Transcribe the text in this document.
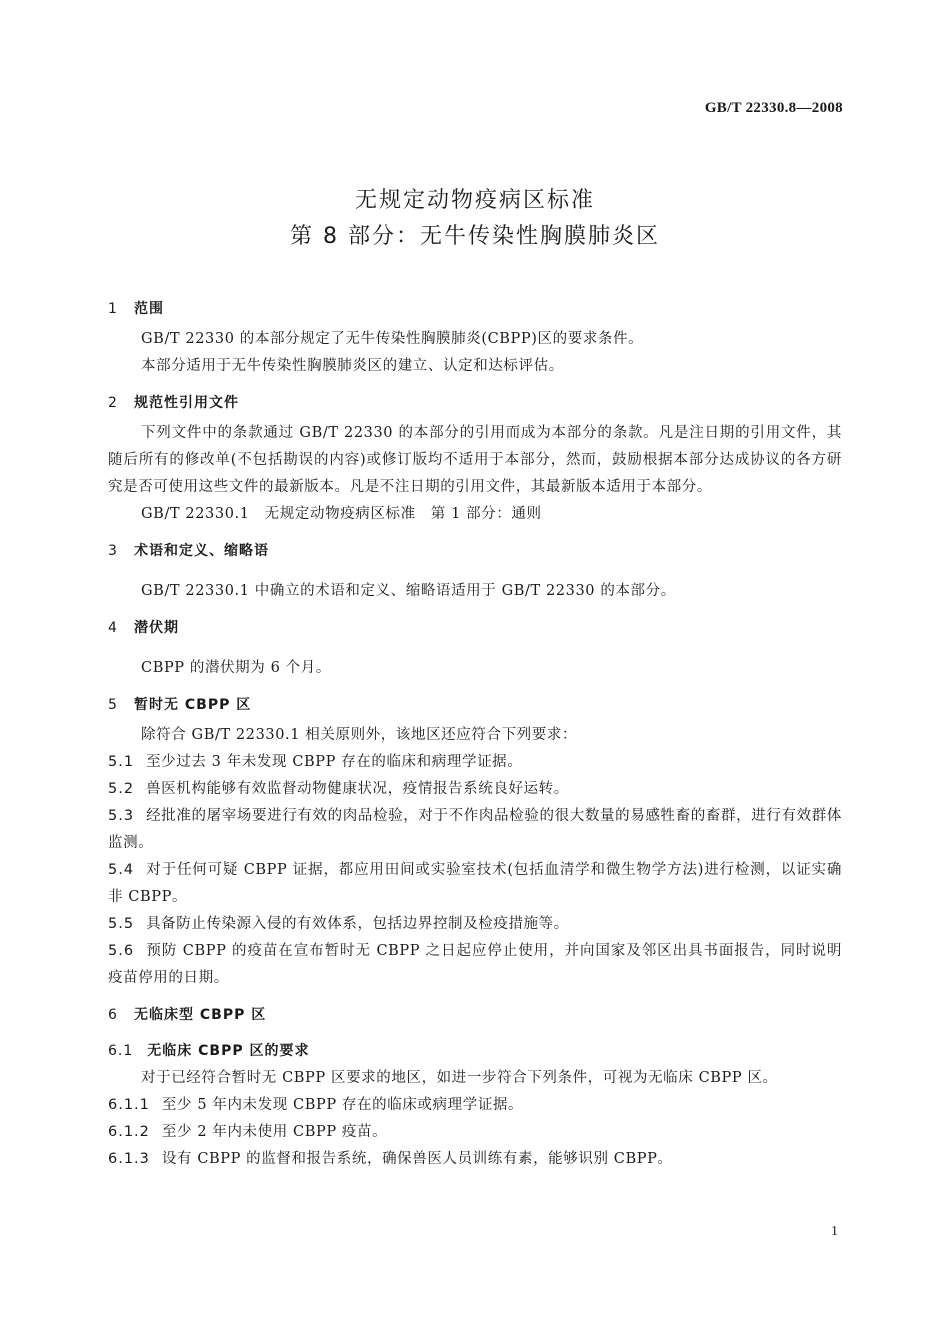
GB/T 22330.8—2008
无规定动物疫病区标准
第 8 部分：无牛传染性胸膜肺炎区
1 范围
GB/T 22330 的本部分规定了无牛传染性胸膜肺炎(CBPP)区的要求条件。
本部分适用于无牛传染性胸膜肺炎区的建立、认定和达标评估。
2 规范性引用文件
下列文件中的条款通过 GB/T 22330 的本部分的引用而成为本部分的条款。凡是注日期的引用文件，其随后所有的修改单(不包括勘误的内容)或修订版均不适用于本部分，然而，鼓励根据本部分达成协议的各方研究是否可使用这些文件的最新版本。凡是不注日期的引用文件，其最新版本适用于本部分。
GB/T 22330.1　无规定动物疫病区标准　第 1 部分：通则
3 术语和定义、缩略语
GB/T 22330.1 中确立的术语和定义、缩略语适用于 GB/T 22330 的本部分。
4 潜伏期
CBPP 的潜伏期为 6 个月。
5 暂时无 CBPP 区
除符合 GB/T 22330.1 相关原则外，该地区还应符合下列要求：
5.1 至少过去 3 年未发现 CBPP 存在的临床和病理学证据。
5.2 兽医机构能够有效监督动物健康状况，疫情报告系统良好运转。
5.3 经批准的屠宰场要进行有效的肉品检验，对于不作肉品检验的很大数量的易感牲畜的畜群，进行有效群体监测。
5.4 对于任何可疑 CBPP 证据，都应用田间或实验室技术(包括血清学和微生物学方法)进行检测，以证实确非 CBPP。
5.5 具备防止传染源入侵的有效体系，包括边界控制及检疫措施等。
5.6 预防 CBPP 的疫苗在宣布暂时无 CBPP 之日起应停止使用，并向国家及邻区出具书面报告，同时说明疫苗停用的日期。
6 无临床型 CBPP 区
6.1 无临床 CBPP 区的要求
对于已经符合暂时无 CBPP 区要求的地区，如进一步符合下列条件，可视为无临床 CBPP 区。
6.1.1 至少 5 年内未发现 CBPP 存在的临床或病理学证据。
6.1.2 至少 2 年内未使用 CBPP 疫苗。
6.1.3 设有 CBPP 的监督和报告系统，确保兽医人员训练有素，能够识别 CBPP。
1
